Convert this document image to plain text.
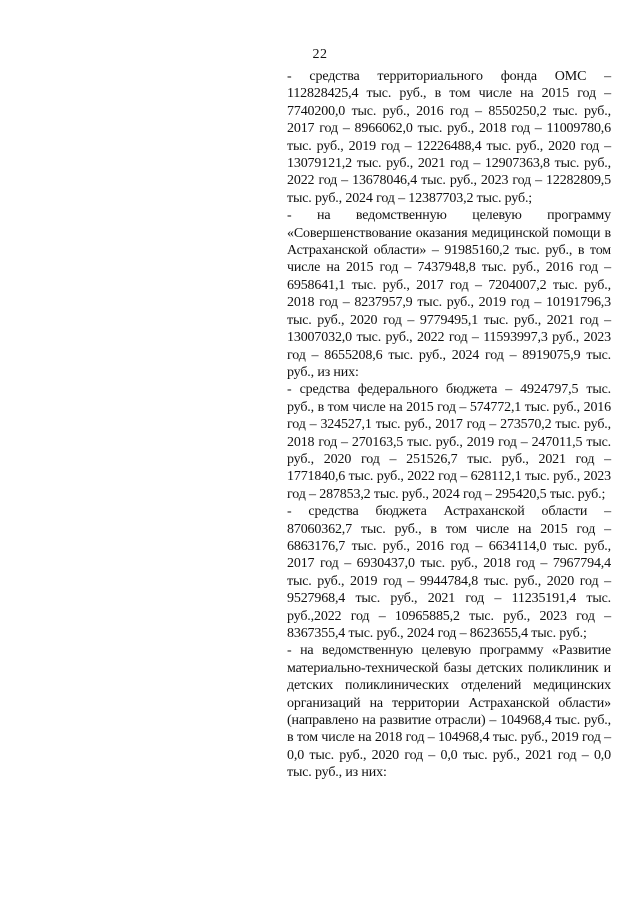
22

- средства территориального фонда ОМС – 112828425,4 тыс. руб., в том числе на 2015 год – 7740200,0 тыс. руб., 2016 год – 8550250,2 тыс. руб., 2017 год – 8966062,0 тыс. руб., 2018 год – 11009780,6 тыс. руб., 2019 год – 12226488,4 тыс. руб., 2020 год – 13079121,2 тыс. руб., 2021 год – 12907363,8 тыс. руб., 2022 год – 13678046,4 тыс. руб., 2023 год – 12282809,5 тыс. руб., 2024 год – 12387703,2 тыс. руб.;

- на ведомственную целевую программу «Совершенствование оказания медицинской помощи в Астраханской области» – 91985160,2 тыс. руб., в том числе на 2015 год – 7437948,8 тыс. руб., 2016 год – 6958641,1 тыс. руб., 2017 год – 7204007,2 тыс. руб., 2018 год – 8237957,9 тыс. руб., 2019 год – 10191796,3 тыс. руб., 2020 год – 9779495,1 тыс. руб., 2021 год – 13007032,0 тыс. руб., 2022 год – 11593997,3 руб., 2023 год – 8655208,6 тыс. руб., 2024 год – 8919075,9 тыс. руб., из них:

- средства федерального бюджета – 4924797,5 тыс. руб., в том числе на 2015 год – 574772,1 тыс. руб., 2016 год – 324527,1 тыс. руб., 2017 год – 273570,2 тыс. руб., 2018 год – 270163,5 тыс. руб., 2019 год – 247011,5 тыс. руб., 2020 год – 251526,7 тыс. руб., 2021 год – 1771840,6 тыс. руб., 2022 год – 628112,1 тыс. руб., 2023 год – 287853,2 тыс. руб., 2024 год – 295420,5 тыс. руб.;

- средства бюджета Астраханской области – 87060362,7 тыс. руб., в том числе на 2015 год – 6863176,7 тыс. руб., 2016 год – 6634114,0 тыс. руб., 2017 год – 6930437,0 тыс. руб., 2018 год – 7967794,4 тыс. руб., 2019 год – 9944784,8 тыс. руб., 2020 год – 9527968,4 тыс. руб., 2021 год – 11235191,4 тыс. руб.,2022 год – 10965885,2 тыс. руб., 2023 год – 8367355,4 тыс. руб., 2024 год – 8623655,4 тыс. руб.;

- на ведомственную целевую программу «Развитие материально-технической базы детских поликлиник и детских поликлинических отделений медицинских организаций на территории Астраханской области» (направлено на развитие отрасли) – 104968,4 тыс. руб., в том числе на 2018 год – 104968,4 тыс. руб., 2019 год – 0,0 тыс. руб., 2020 год – 0,0 тыс. руб., 2021 год – 0,0 тыс. руб., из них:
